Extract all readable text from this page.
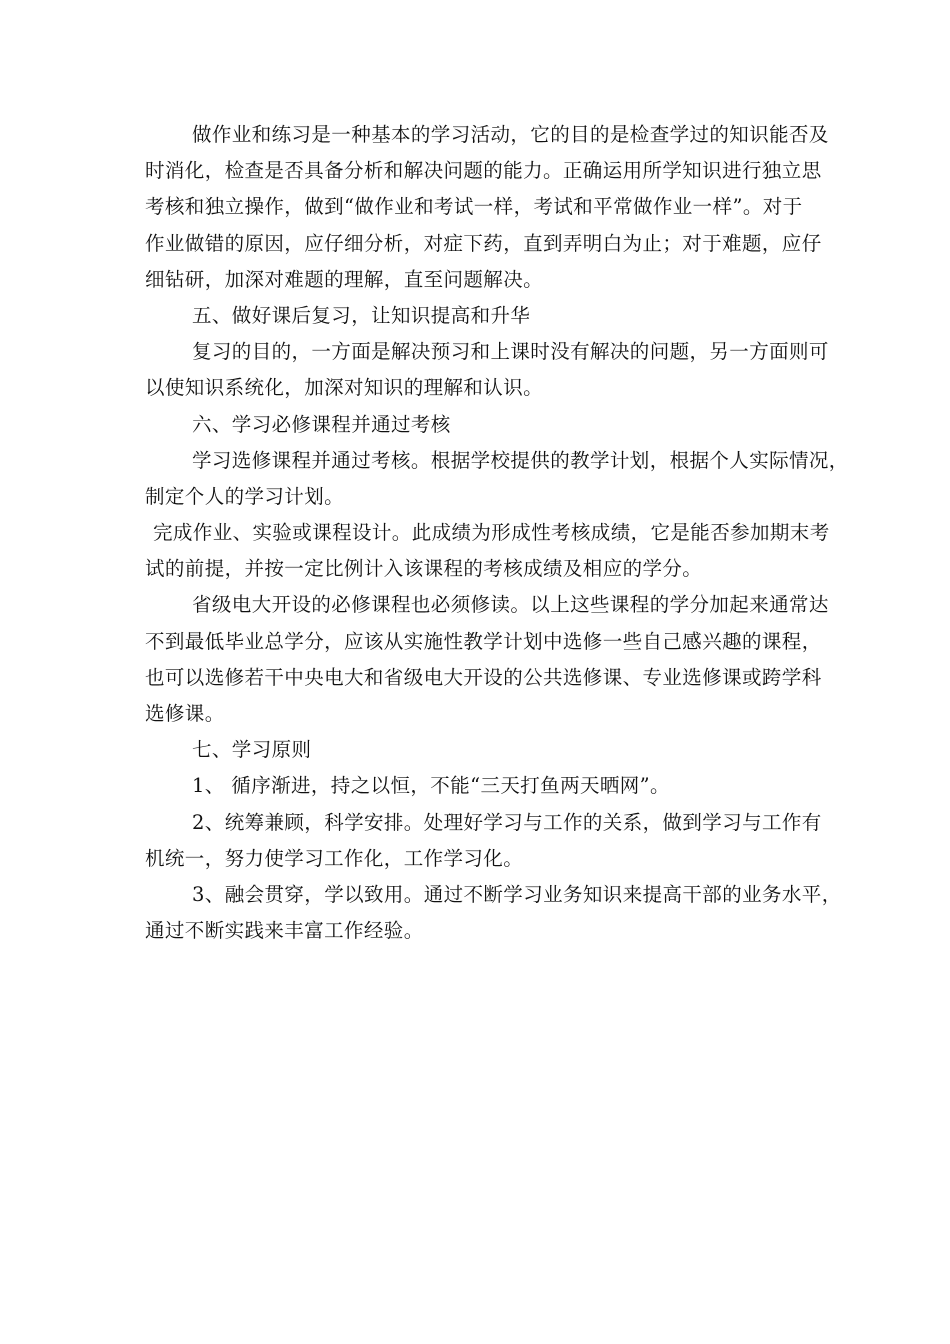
做作业和练习是一种基本的学习活动，它的目的是检查学过的知识能否及
时消化，检查是否具备分析和解决问题的能力。正确运用所学知识进行独立思
考核和独立操作，做到“做作业和考试一样，考试和平常做作业一样”。对于
作业做错的原因，应仔细分析，对症下药，直到弄明白为止；对于难题，应仔
细钻研，加深对难题的理解，直至问题解决。
五、做好课后复习，让知识提高和升华
复习的目的，一方面是解决预习和上课时没有解决的问题，另一方面则可
以使知识系统化，加深对知识的理解和认识。
六、学习必修课程并通过考核
学习选修课程并通过考核。根据学校提供的教学计划，根据个人实际情况，
制定个人的学习计划。
完成作业、实验或课程设计。此成绩为形成性考核成绩，它是能否参加期末考
试的前提，并按一定比例计入该课程的考核成绩及相应的学分。
省级电大开设的必修课程也必须修读。以上这些课程的学分加起来通常达
不到最低毕业总学分，应该从实施性教学计划中选修一些自己感兴趣的课程，
也可以选修若干中央电大和省级电大开设的公共选修课、专业选修课或跨学科
选修课。
七、学习原则
1、 循序渐进，持之以恒，不能“三天打鱼两天晒网”。
2、统筹兼顾，科学安排。处理好学习与工作的关系，做到学习与工作有
机统一，努力使学习工作化，工作学习化。
3、融会贯穿，学以致用。通过不断学习业务知识来提高干部的业务水平，
通过不断实践来丰富工作经验。
